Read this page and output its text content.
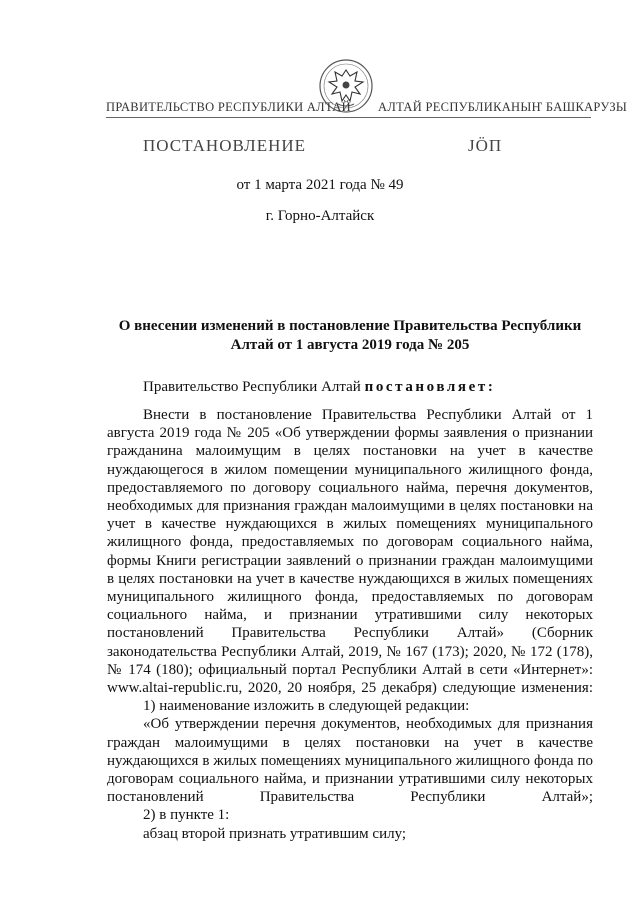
ПРАВИТЕЛЬСТВО РЕСПУБЛИКИ АЛТАЙ АЛТАЙ РЕСПУБЛИКАНЫҤ БАШКАРУЗЫ
ПОСТАНОВЛЕНИЕ	ЈӦП
от 1 марта 2021 года № 49
г. Горно-Алтайск
О внесении изменений в постановление Правительства Республики Алтай от 1 августа 2019 года № 205
Правительство Республики Алтай постановляет:

Внести в постановление Правительства Республики Алтай от 1 августа 2019 года № 205 «Об утверждении формы заявления о признании гражданина малоимущим в целях постановки на учет в качестве нуждающегося в жилом помещении муниципального жилищного фонда, предоставляемого по договору социального найма, перечня документов, необходимых для признания граждан малоимущими в целях постановки на учет в качестве нуждающихся в жилых помещениях муниципального жилищного фонда, предоставляемых по договорам социального найма, формы Книги регистрации заявлений о признании граждан малоимущими в целях постановки на учет в качестве нуждающихся в жилых помещениях муниципального жилищного фонда, предоставляемых по договорам социального найма, и признании утратившими силу некоторых постановлений Правительства Республики Алтай» (Сборник законодательства Республики Алтай, 2019, № 167 (173); 2020, № 172 (178), № 174 (180); официальный портал Республики Алтай в сети «Интернет»: www.altai-republic.ru, 2020, 20 ноября, 25 декабря) следующие изменения:

1) наименование изложить в следующей редакции:

«Об утверждении перечня документов, необходимых для признания граждан малоимущими в целях постановки на учет в качестве нуждающихся в жилых помещениях муниципального жилищного фонда по договорам социального найма, и признании утратившими силу некоторых постановлений Правительства Республики Алтай»;

2) в пункте 1:

абзац второй признать утратившим силу;
